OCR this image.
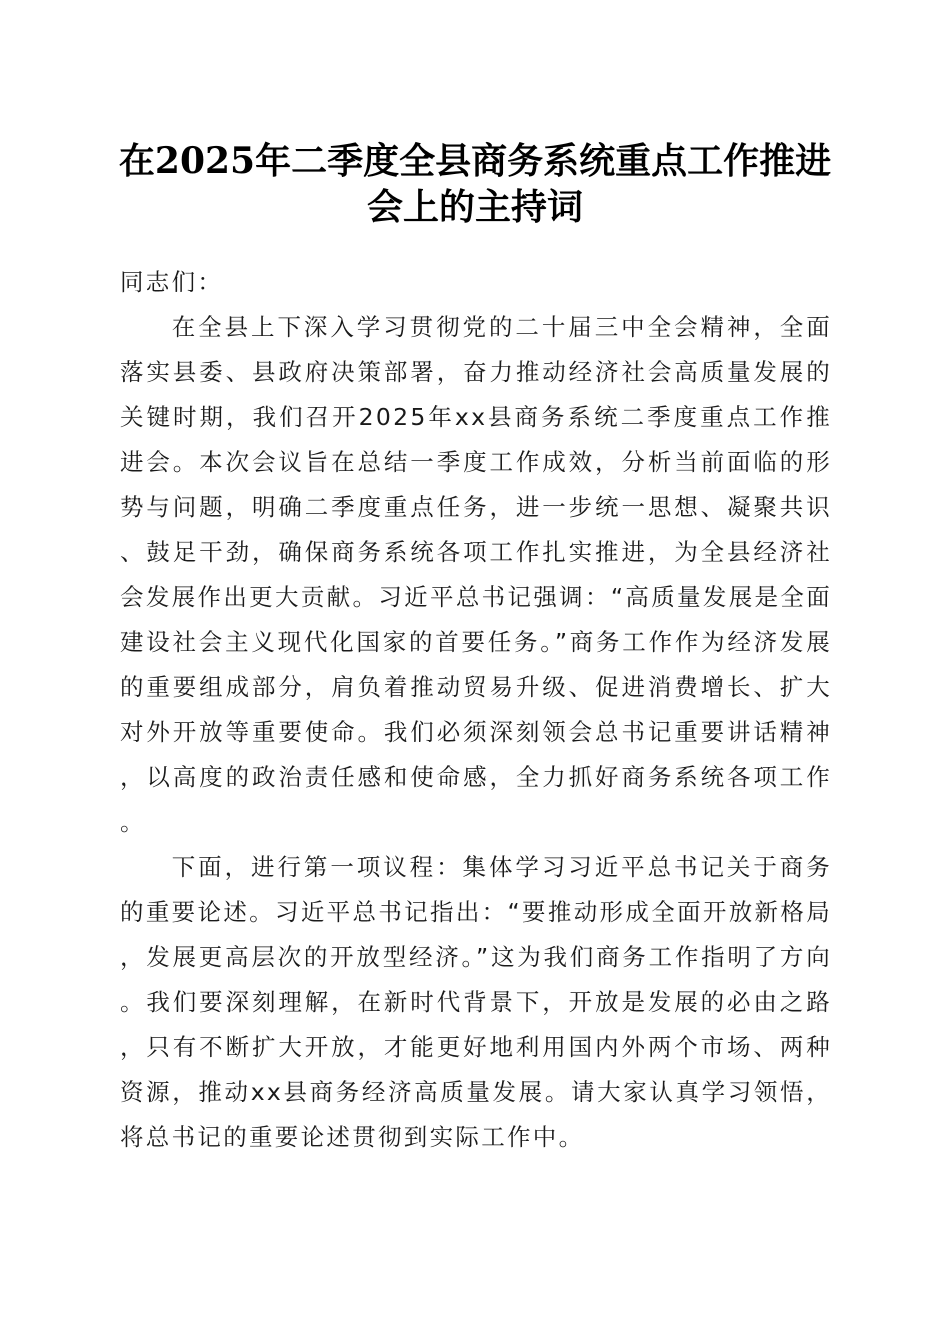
在2025年二季度全县商务系统重点工作推进
会上的主持词

同志们：

在全县上下深入学习贯彻党的二十届三中全会精神，全面落实县委、县政府决策部署，奋力推动经济社会高质量发展的关键时期，我们召开2025年xx县商务系统二季度重点工作推进会。本次会议旨在总结一季度工作成效，分析当前面临的形势与问题，明确二季度重点任务，进一步统一思想、凝聚共识、鼓足干劲，确保商务系统各项工作扎实推进，为全县经济社会发展作出更大贡献。习近平总书记强调：“高质量发展是全面建设社会主义现代化国家的首要任务。”商务工作作为经济发展的重要组成部分，肩负着推动贸易升级、促进消费增长、扩大对外开放等重要使命。我们必须深刻领会总书记重要讲话精神，以高度的政治责任感和使命感，全力抓好商务系统各项工作。

下面，进行第一项议程：集体学习习近平总书记关于商务的重要论述。习近平总书记指出：“要推动形成全面开放新格局，发展更高层次的开放型经济。”这为我们商务工作指明了方向。我们要深刻理解，在新时代背景下，开放是发展的必由之路，只有不断扩大开放，才能更好地利用国内外两个市场、两种资源，推动xx县商务经济高质量发展。请大家认真学习领悟，将总书记的重要论述贯彻到实际工作中。
